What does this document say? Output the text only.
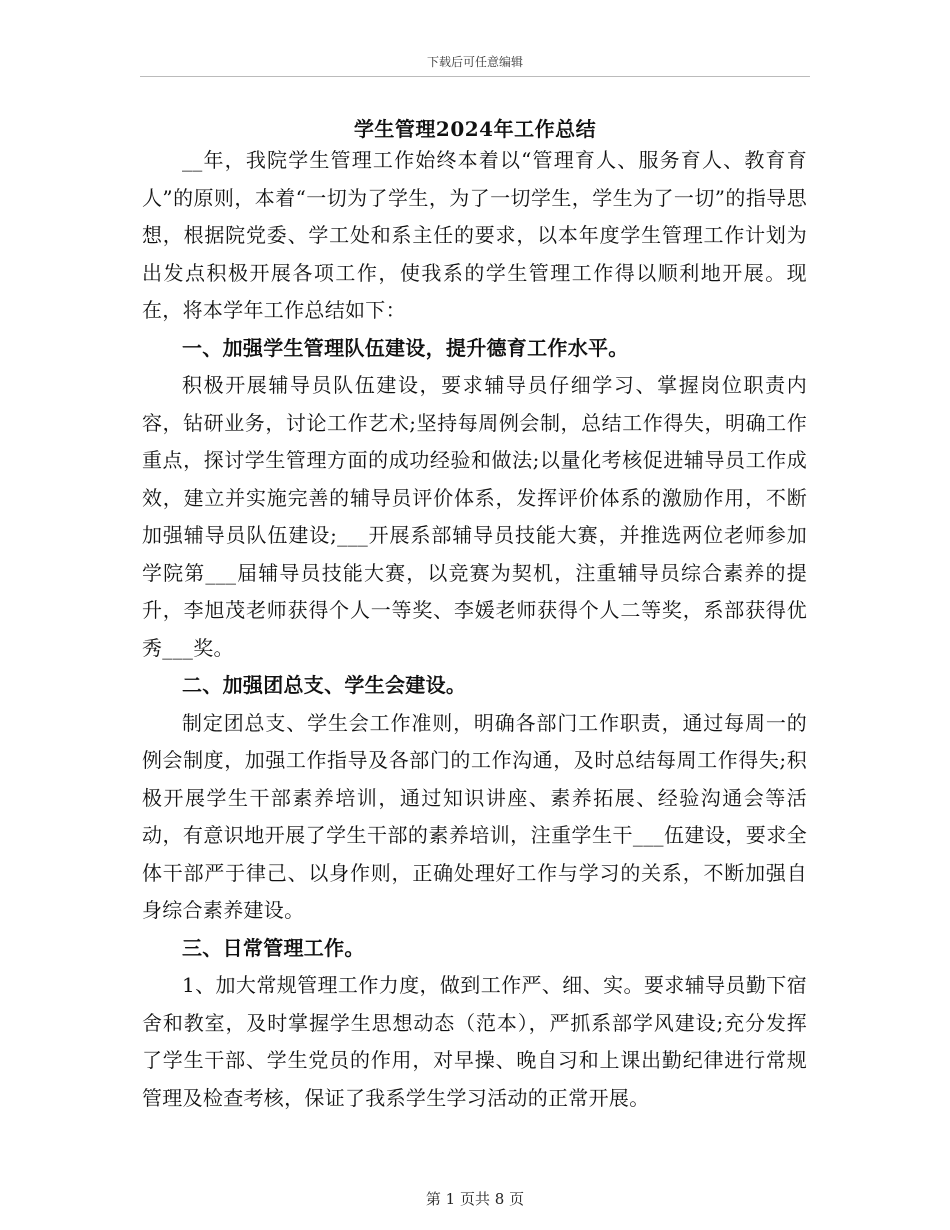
下载后可任意编辑
学生管理2024年工作总结

__年，我院学生管理工作始终本着以“管理育人、服务育人、教育育人”的原则，本着“一切为了学生，为了一切学生，学生为了一切”的指导思想，根据院党委、学工处和系主任的要求，以本年度学生管理工作计划为出发点积极开展各项工作，使我系的学生管理工作得以顺利地开展。现在，将本学年工作总结如下：

一、加强学生管理队伍建设，提升德育工作水平。

积极开展辅导员队伍建设，要求辅导员仔细学习、掌握岗位职责内容，钻研业务，讨论工作艺术;坚持每周例会制，总结工作得失，明确工作重点，探讨学生管理方面的成功经验和做法;以量化考核促进辅导员工作成效，建立并实施完善的辅导员评价体系，发挥评价体系的激励作用，不断加强辅导员队伍建设;___开展系部辅导员技能大赛，并推选两位老师参加学院第___届辅导员技能大赛，以竞赛为契机，注重辅导员综合素养的提升，李旭茂老师获得个人一等奖、李媛老师获得个人二等奖，系部获得优秀___奖。

二、加强团总支、学生会建设。

制定团总支、学生会工作准则，明确各部门工作职责，通过每周一的例会制度，加强工作指导及各部门的工作沟通，及时总结每周工作得失;积极开展学生干部素养培训，通过知识讲座、素养拓展、经验沟通会等活动，有意识地开展了学生干部的素养培训，注重学生干___伍建设，要求全体干部严于律己、以身作则，正确处理好工作与学习的关系，不断加强自身综合素养建设。

三、日常管理工作。

1、加大常规管理工作力度，做到工作严、细、实。要求辅导员勤下宿舍和教室，及时掌握学生思想动态（范本），严抓系部学风建设;充分发挥了学生干部、学生党员的作用，对早操、晚自习和上课出勤纪律进行常规管理及检查考核，保证了我系学生学习活动的正常开展。

第 1 页共 8 页
